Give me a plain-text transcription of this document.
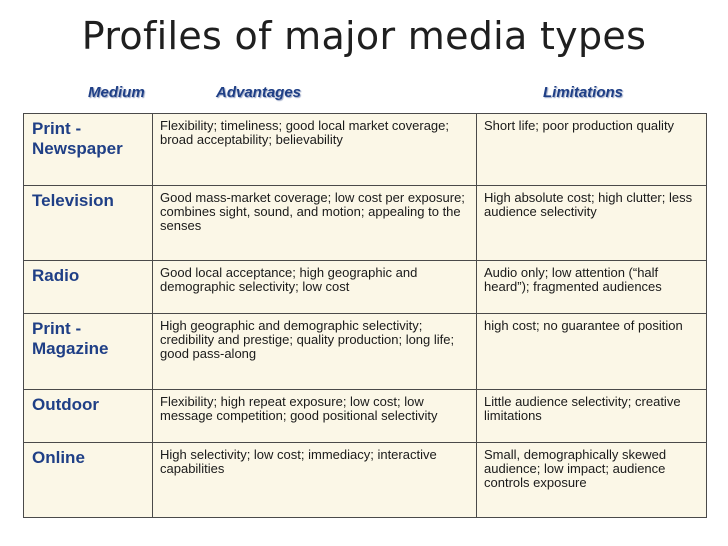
Profiles of major media types
Medium	Advantages	Limitations
Print - Newspaper	Flexibility; timeliness; good local market coverage; broad acceptability; believability	Short life; poor production quality
Television	Good mass-market coverage; low cost per exposure; combines sight, sound, and motion; appealing to the senses	High absolute cost; high clutter; less audience selectivity
Radio	Good local acceptance; high geographic and demographic selectivity; low cost	Audio only; low attention (“half heard”); fragmented audiences
Print - Magazine	High geographic and demographic selectivity; credibility and prestige; quality production; long life; good pass-along	high cost; no guarantee of position
Outdoor	Flexibility; high repeat exposure; low cost; low message competition; good positional selectivity	Little audience selectivity; creative limitations
Online	High selectivity; low cost; immediacy; interactive capabilities	Small, demographically skewed audience; low impact; audience controls exposure
